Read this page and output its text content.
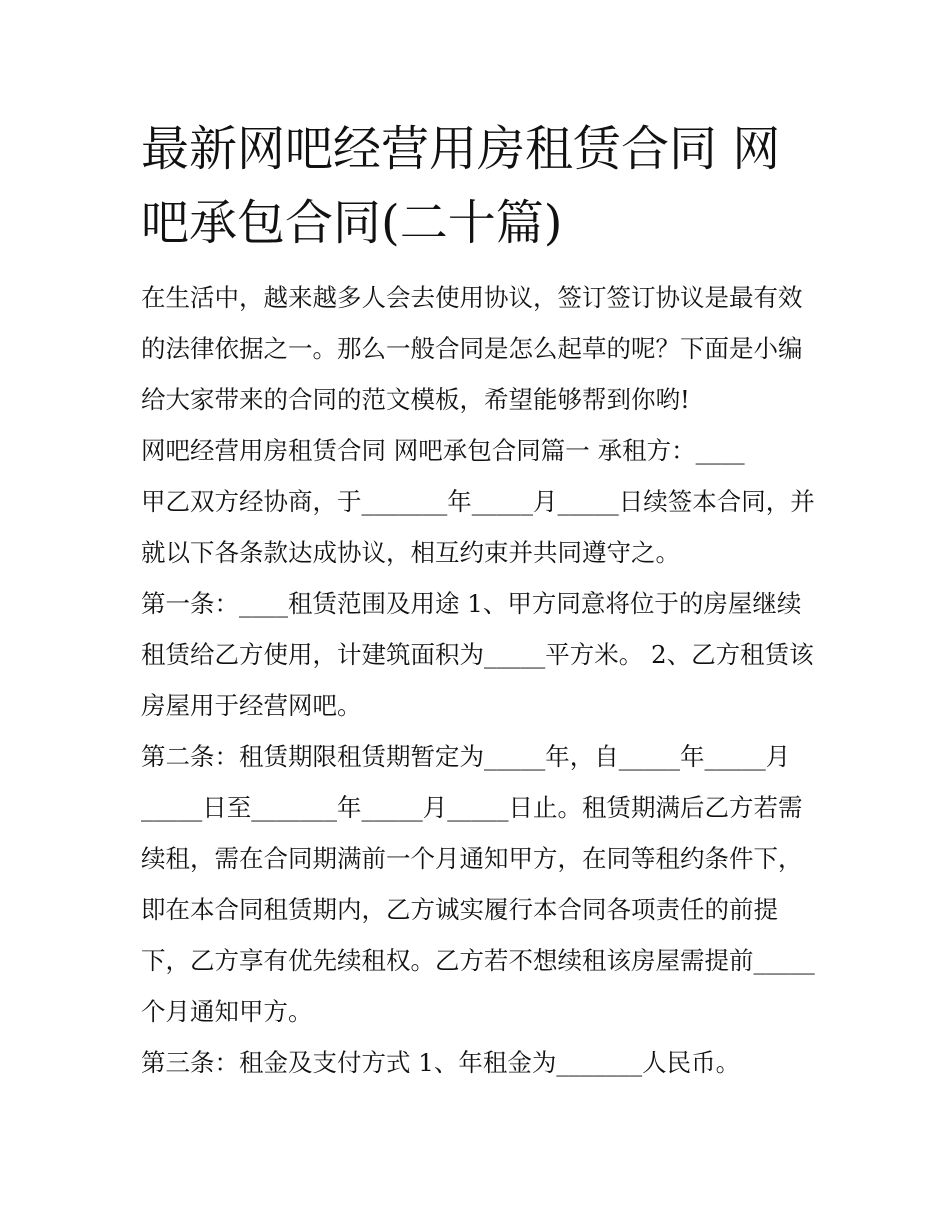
最新网吧经营用房租赁合同 网吧承包合同(二十篇)

在生活中，越来越多人会去使用协议，签订签订协议是最有效的法律依据之一。那么一般合同是怎么起草的呢？下面是小编给大家带来的合同的范文模板，希望能够帮到你哟!

网吧经营用房租赁合同 网吧承包合同篇一 承租方：____

甲乙双方经协商，于_______年_____月_____日续签本合同，并就以下各条款达成协议，相互约束并共同遵守之。

第一条：____租赁范围及用途 1、甲方同意将位于的房屋继续租赁给乙方使用，计建筑面积为_____平方米。 2、乙方租赁该房屋用于经营网吧。

第二条：租赁期限租赁期暂定为_____年，自_____年_____月_____日至_______年_____月_____日止。租赁期满后乙方若需续租，需在合同期满前一个月通知甲方，在同等租约条件下，即在本合同租赁期内，乙方诚实履行本合同各项责任的前提下，乙方享有优先续租权。乙方若不想续租该房屋需提前_____个月通知甲方。

第三条：租金及支付方式 1、年租金为_______人民币。
